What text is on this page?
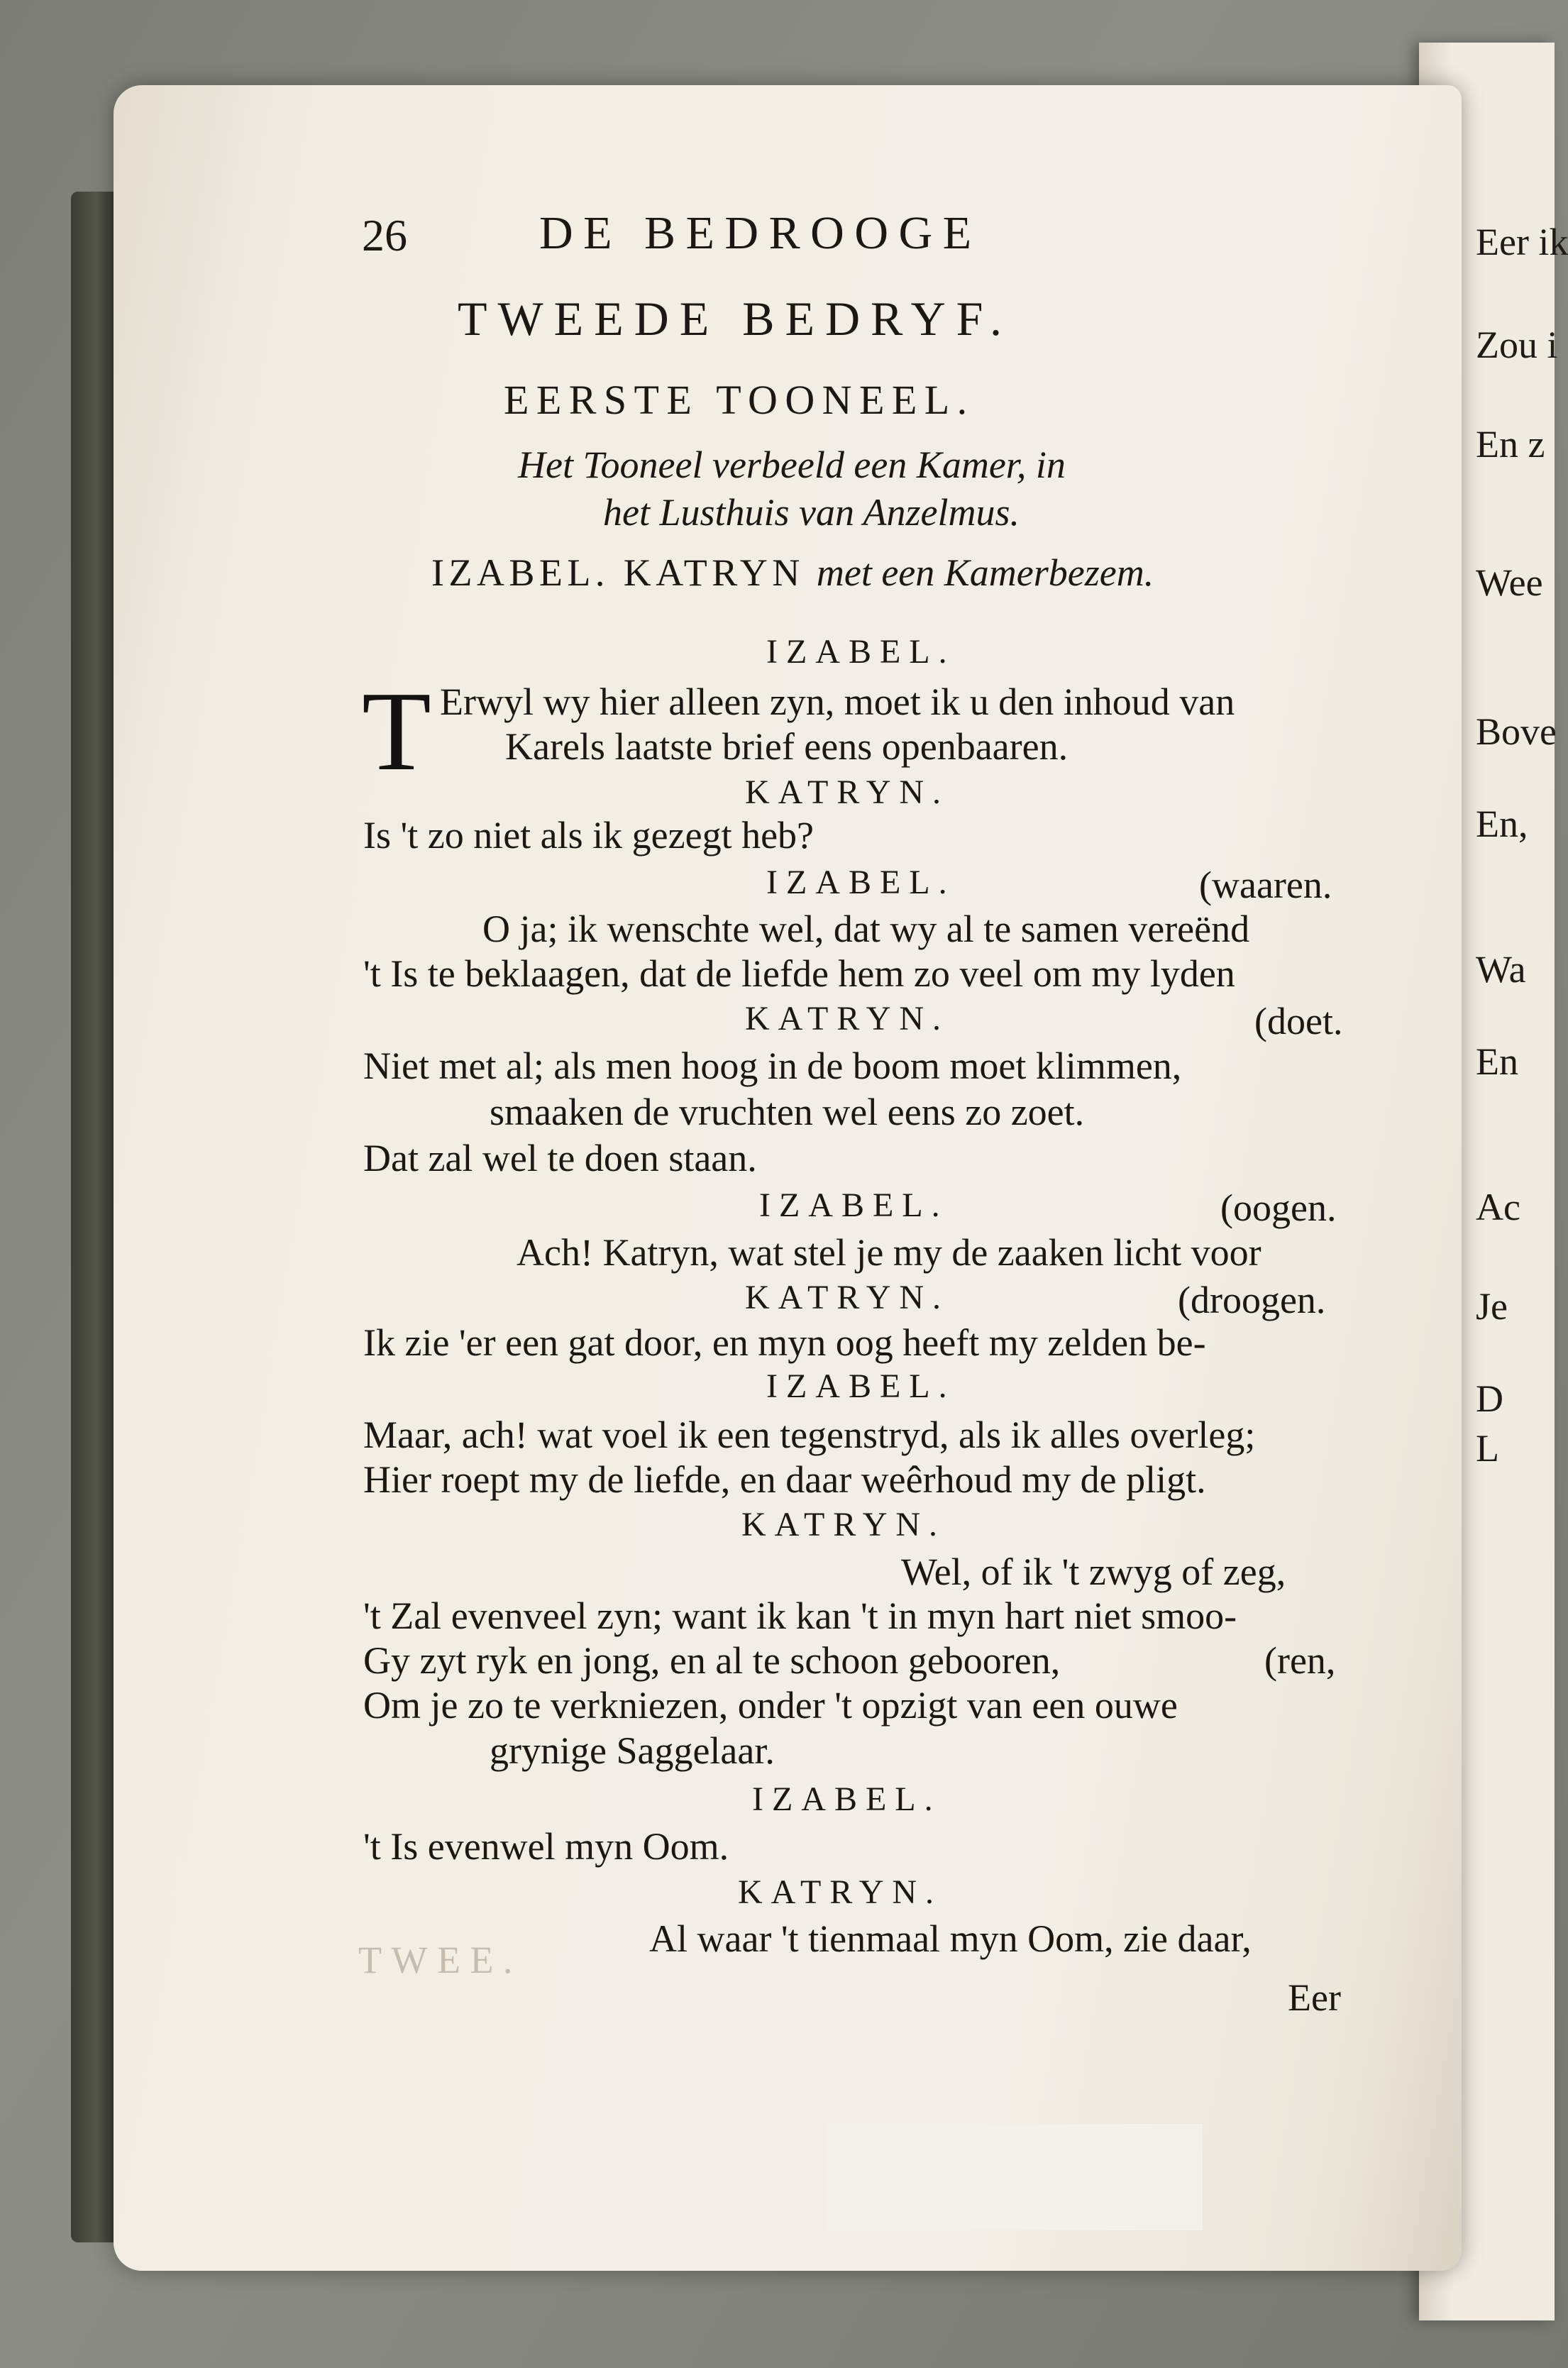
Eer ik
Zou i
En z
Wee
Bove
En,
Wa
En
Ac
Je
D
L
26	DE BEDROOGE
TWEEDE BEDRYF.
EERSTE TOONEEL.
Het Tooneel verbeeld een Kamer, in
het Lusthuis van Anzelmus.
IZABEL. KATRYN met een Kamerbezem.
IZABEL.
T Erwyl wy hier alleen zyn, moet ik u den inhoud van
Karels laatste brief eens openbaaren.
KATRYN.
Is 't zo niet als ik gezegt heb?
IZABEL.	(waaren.
O ja; ik wenschte wel, dat wy al te samen vereënd
't Is te beklaagen, dat de liefde hem zo veel om my lyden
KATRYN.	(doet.
Niet met al; als men hoog in de boom moet klimmen,
smaaken de vruchten wel eens zo zoet.
Dat zal wel te doen staan.
IZABEL.	(oogen.
Ach! Katryn, wat stel je my de zaaken licht voor
KATRYN.	(droogen.
Ik zie 'er een gat door, en myn oog heeft my zelden be-
IZABEL.
Maar, ach! wat voel ik een tegenstryd, als ik alles overleg;
Hier roept my de liefde, en daar weêrhoud my de pligt.
KATRYN.
Wel, of ik 't zwyg of zeg,
't Zal evenveel zyn; want ik kan 't in myn hart niet smoo-
Gy zyt ryk en jong, en al te schoon gebooren,	(ren,
Om je zo te verkniezen, onder 't opzigt van een ouwe
grynige Saggelaar.
IZABEL.
't Is evenwel myn Oom.
KATRYN.
Al waar 't tienmaal myn Oom, zie daar,
TWEE.
Eer
